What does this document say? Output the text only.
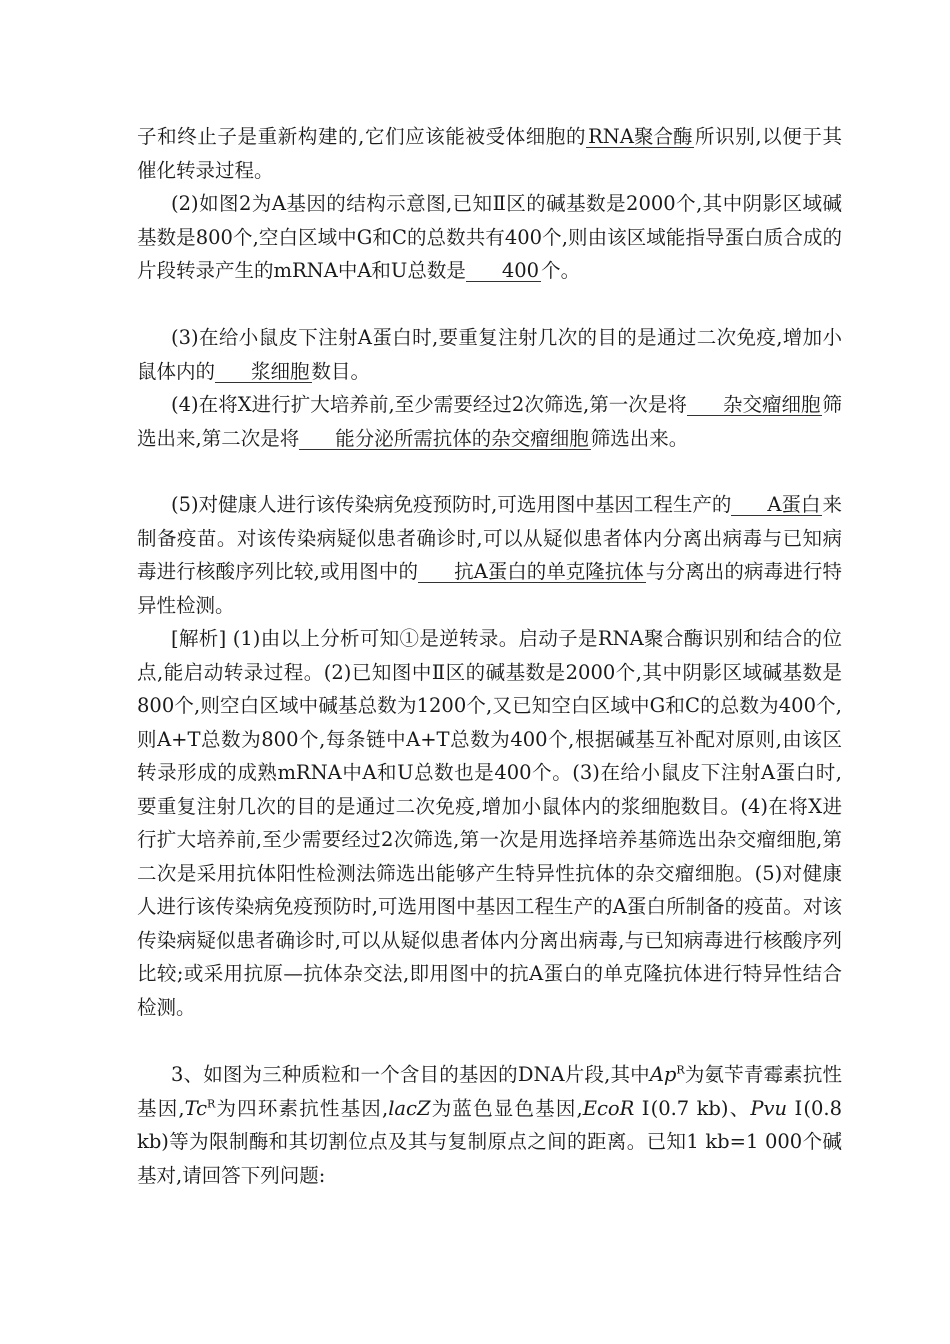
子和终止子是重新构建的,它们应该能被受体细胞的 RNA聚合酶 所识别,以便于其催化转录过程。

(2)如图2为A基因的结构示意图,已知Ⅱ区的碱基数是2000个,其中阴影区域碱基数是800个,空白区域中G和C的总数共有400个,则由该区域能指导蛋白质合成的片段转录产生的mRNA中A和U总数是 400 个。

(3)在给小鼠皮下注射A蛋白时,要重复注射几次的目的是通过二次免疫,增加小鼠体内的 浆细胞 数目。

(4)在将X进行扩大培养前,至少需要经过2次筛选,第一次是将 杂交瘤细胞 筛选出来,第二次是将 能分泌所需抗体的杂交瘤细胞 筛选出来。

(5)对健康人进行该传染病免疫预防时,可选用图中基因工程生产的 A蛋白 来制备疫苗。对该传染病疑似患者确诊时,可以从疑似患者体内分离出病毒与已知病毒进行核酸序列比较,或用图中的 抗A蛋白的单克隆抗体 与分离出的病毒进行特异性检测。

[解析] (1)由以上分析可知①是逆转录。启动子是RNA聚合酶识别和结合的位点,能启动转录过程。(2)已知图中Ⅱ区的碱基数是2000个,其中阴影区域碱基数是800个,则空白区域中碱基总数为1200个,又已知空白区域中G和C的总数为400个,则A+T总数为800个,每条链中A+T总数为400个,根据碱基互补配对原则,由该区转录形成的成熟mRNA中A和U总数也是400个。(3)在给小鼠皮下注射A蛋白时,要重复注射几次的目的是通过二次免疫,增加小鼠体内的浆细胞数目。(4)在将X进行扩大培养前,至少需要经过2次筛选,第一次是用选择培养基筛选出杂交瘤细胞,第二次是采用抗体阳性检测法筛选出能够产生特异性抗体的杂交瘤细胞。(5)对健康人进行该传染病免疫预防时,可选用图中基因工程生产的A蛋白所制备的疫苗。对该传染病疑似患者确诊时,可以从疑似患者体内分离出病毒,与已知病毒进行核酸序列比较;或采用抗原—抗体杂交法,即用图中的抗A蛋白的单克隆抗体进行特异性结合检测。

3、如图为三种质粒和一个含目的基因的DNA片段,其中$Ap^R$为氨苄青霉素抗性基因$,Tc^R$为四环素抗性基因,lacZ为蓝色显色基因,EcoR Ⅰ(0.7 kb)、Pvu Ⅰ(0.8 kb)等为限制酶和其切割位点及其与复制原点之间的距离。已知1 kb=1 000个碱基对,请回答下列问题:
